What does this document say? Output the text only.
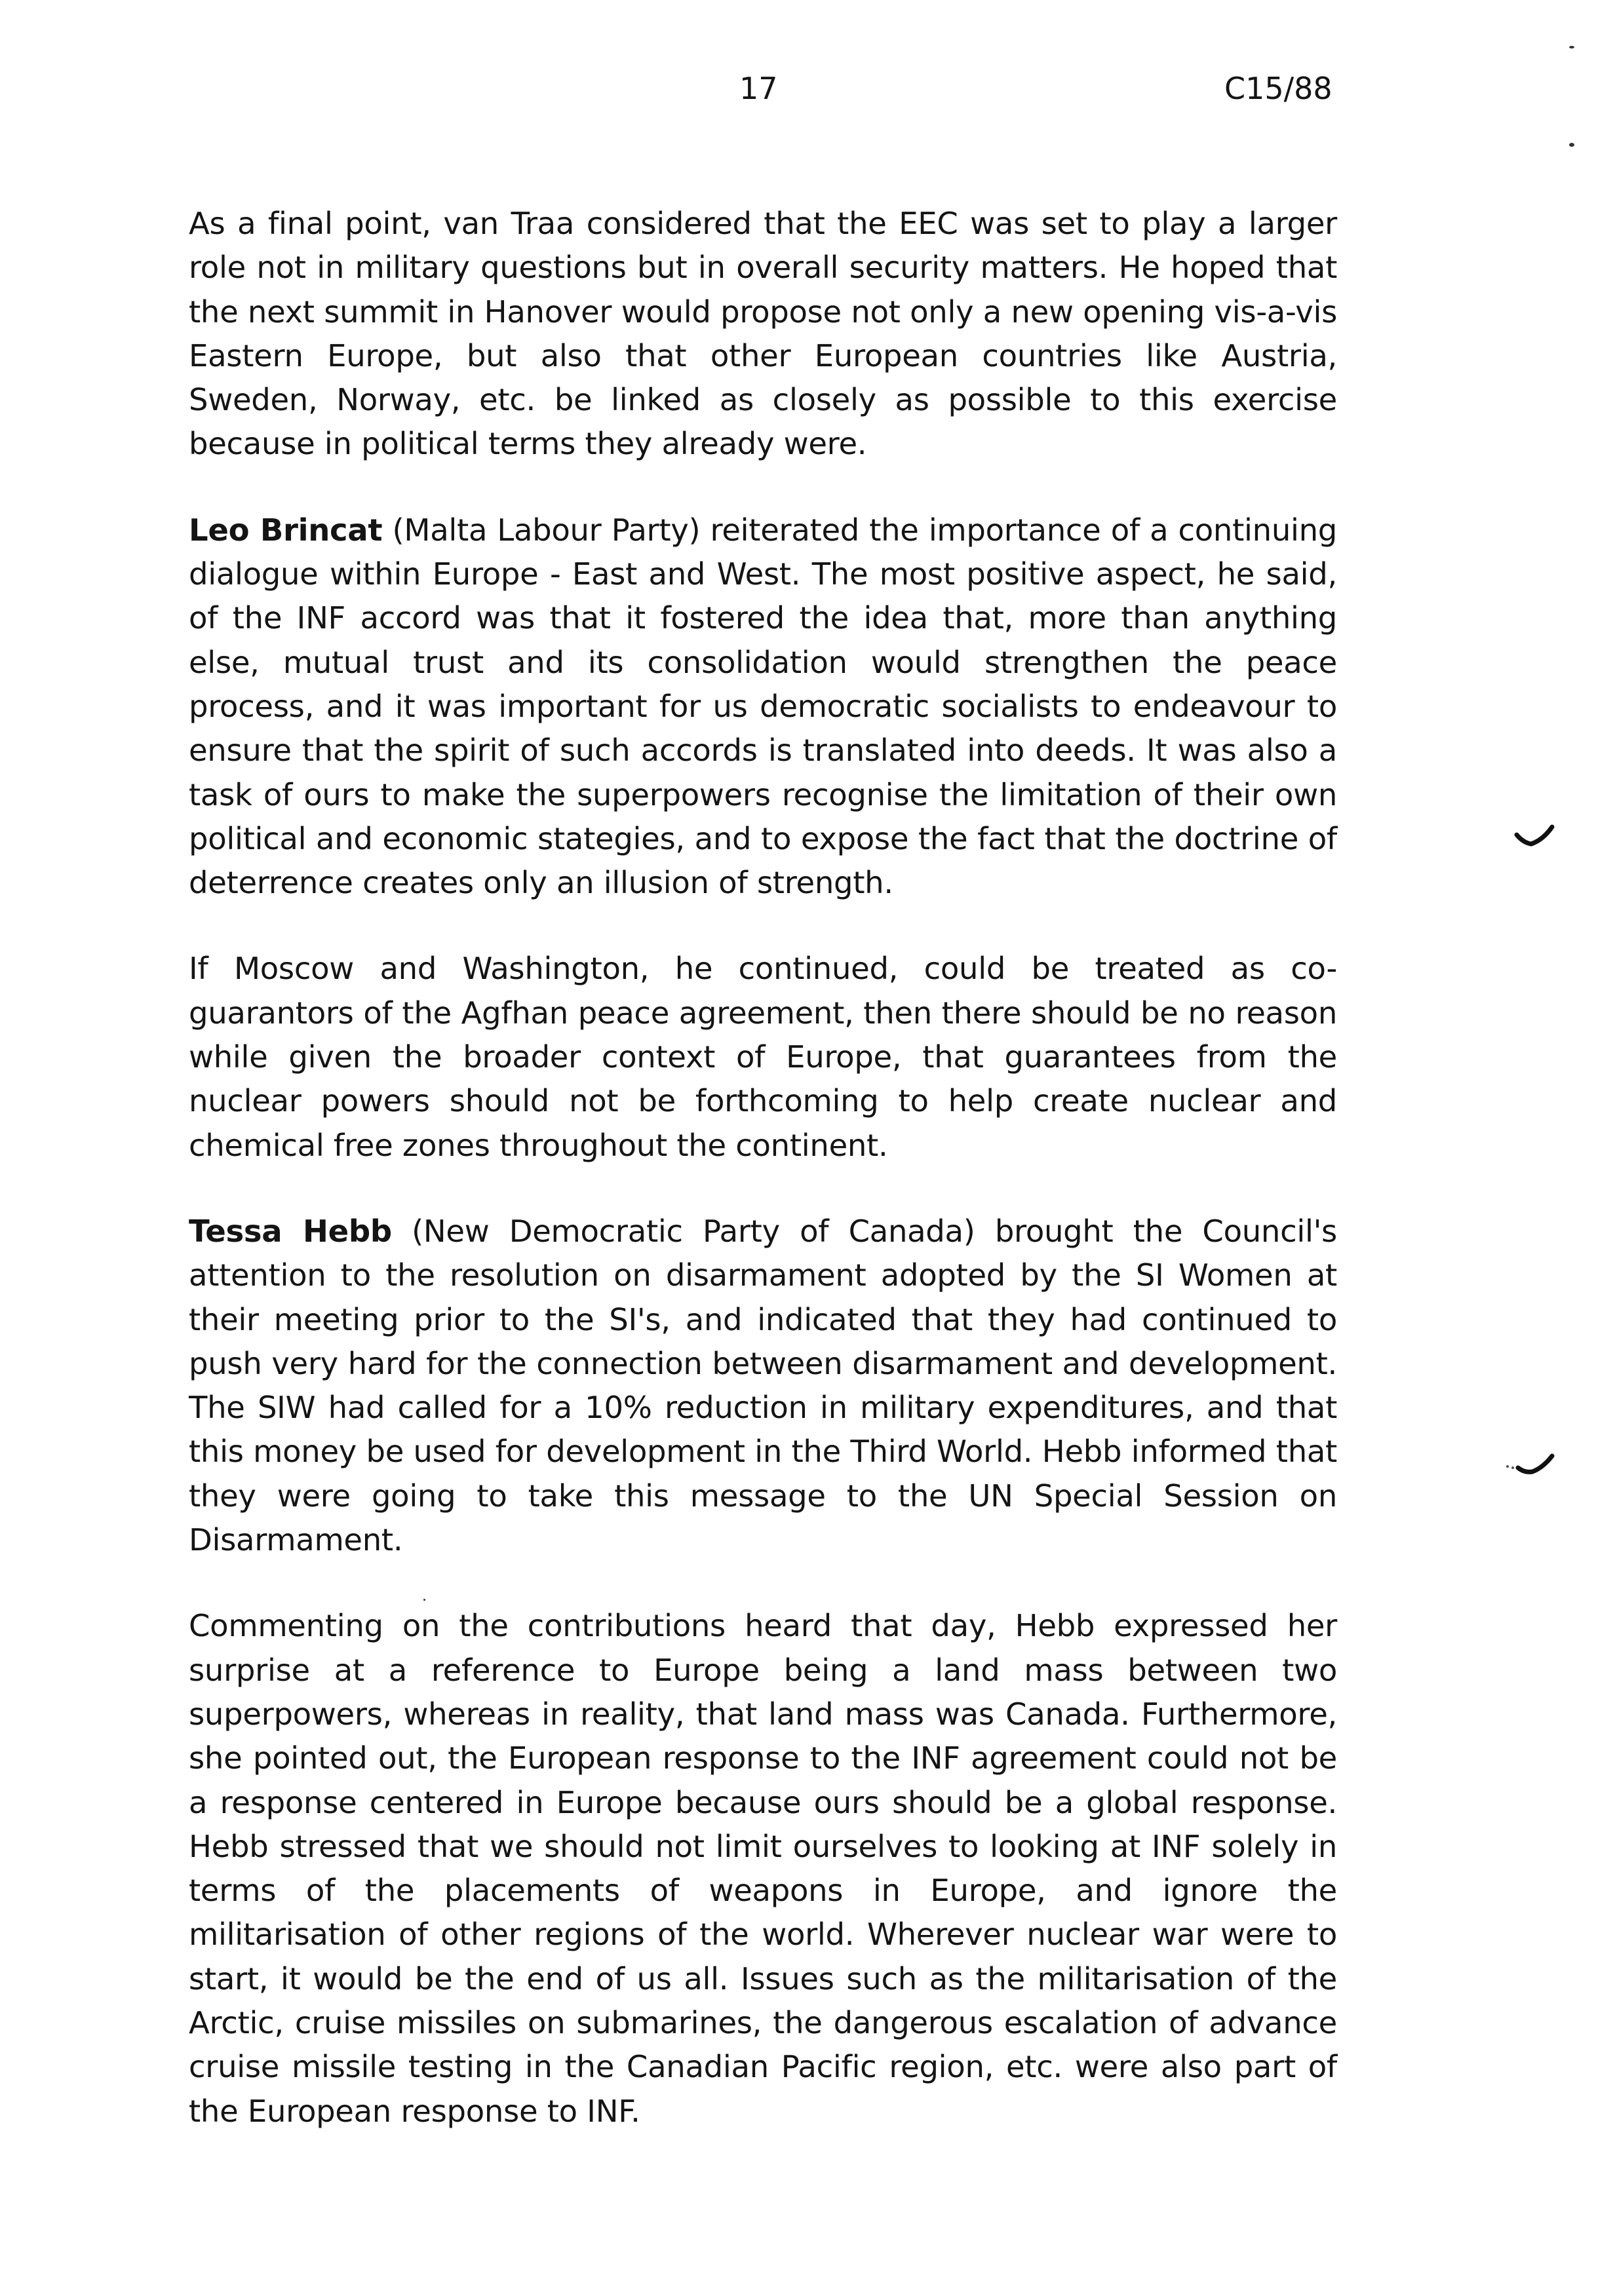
17	C15/88

As a final point, van Traa considered that the EEC was set to play a larger role not in military questions but in overall security matters. He hoped that the next summit in Hanover would propose not only a new opening vis-a-vis Eastern Europe, but also that other European countries like Austria, Sweden, Norway, etc. be linked as closely as possible to this exercise because in political terms they already were.

Leo Brincat (Malta Labour Party) reiterated the importance of a continuing dialogue within Europe - East and West. The most positive aspect, he said, of the INF accord was that it fostered the idea that, more than anything else, mutual trust and its consolidation would strengthen the peace process, and it was important for us democratic socialists to endeavour to ensure that the spirit of such accords is translated into deeds. It was also a task of ours to make the superpowers recognise the limitation of their own political and economic stategies, and to expose the fact that the doctrine of deterrence creates only an illusion of strength.

If Moscow and Washington, he continued, could be treated as co-guarantors of the Agfhan peace agreement, then there should be no reason while given the broader context of Europe, that guarantees from the nuclear powers should not be forthcoming to help create nuclear and chemical free zones throughout the continent.

Tessa Hebb (New Democratic Party of Canada) brought the Council's attention to the resolution on disarmament adopted by the SI Women at their meeting prior to the SI's, and indicated that they had continued to push very hard for the connection between disarmament and development. The SIW had called for a 10% reduction in military expenditures, and that this money be used for development in the Third World. Hebb informed that they were going to take this message to the UN Special Session on Disarmament.

Commenting on the contributions heard that day, Hebb expressed her surprise at a reference to Europe being a land mass between two superpowers, whereas in reality, that land mass was Canada. Furthermore, she pointed out, the European response to the INF agreement could not be a response centered in Europe because ours should be a global response. Hebb stressed that we should not limit ourselves to looking at INF solely in terms of the placements of weapons in Europe, and ignore the militarisation of other regions of the world. Wherever nuclear war were to start, it would be the end of us all. Issues such as the militarisation of the Arctic, cruise missiles on submarines, the dangerous escalation of advance cruise missile testing in the Canadian Pacific region, etc. were also part of the European response to INF.
